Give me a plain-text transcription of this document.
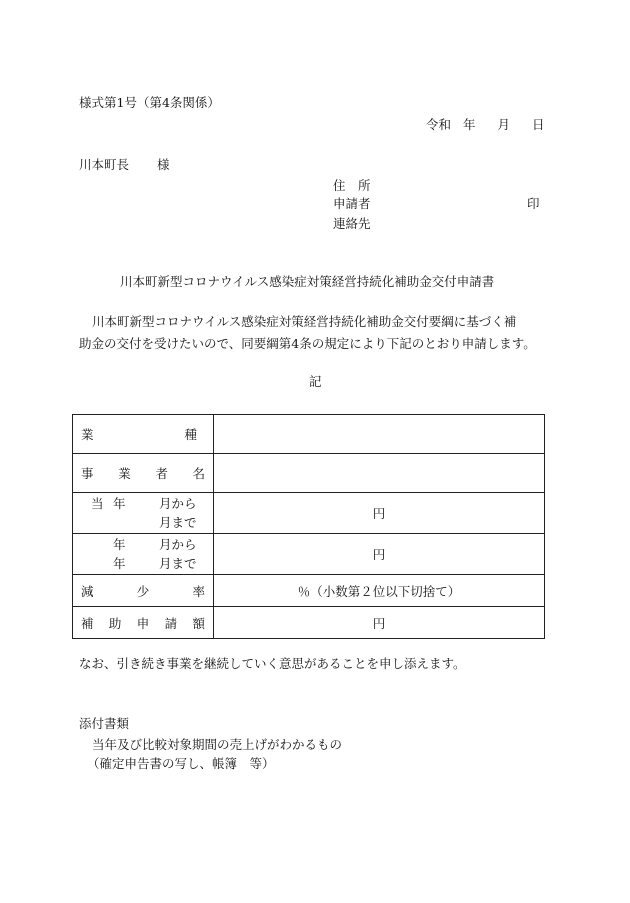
様式第1号（第4条関係）
令和 年 月 日
川本町長 様
住　所
申請者	印
連絡先
川本町新型コロナウイルス感染症対策経営持続化補助金交付申請書
川本町新型コロナウイルス感染症対策経営持続化補助金交付要綱に基づく補
助金の交付を受けたいので、同要綱第4条の規定により下記のとおり申請します。
記
業 種	

事 業 者 名	

当 年 月から
月まで	円

年 月から
年 月まで	円

減 少 率	％（小数第２位以下切捨て）

補 助 申 請 額	円
なお、引き続き事業を継続していく意思があることを申し添えます。
添付書類
当年及び比較対象期間の売上げがわかるもの
（確定申告書の写し、帳簿　等）
